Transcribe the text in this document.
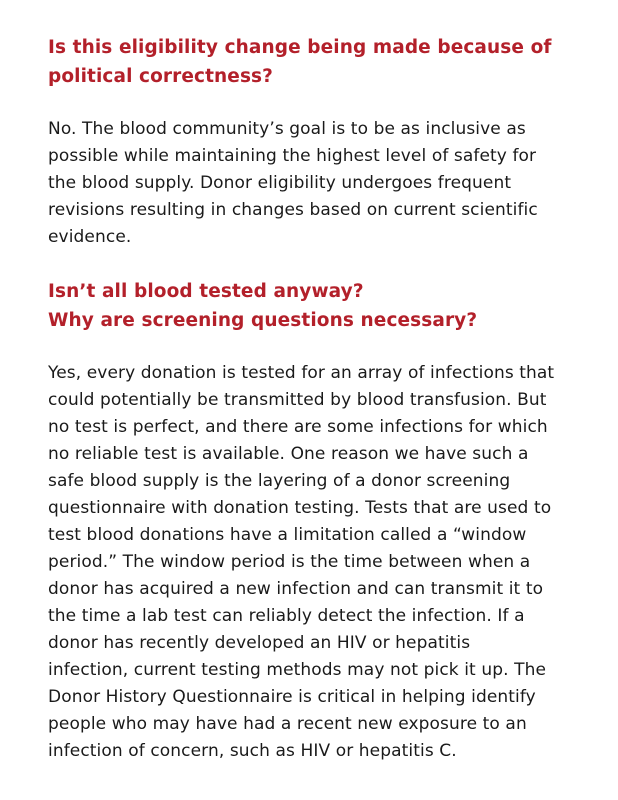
Is this eligibility change being made because of
political correctness?

No. The blood community’s goal is to be as inclusive as
possible while maintaining the highest level of safety for
the blood supply. Donor eligibility undergoes frequent
revisions resulting in changes based on current scientific
evidence.

Isn’t all blood tested anyway?
Why are screening questions necessary?

Yes, every donation is tested for an array of infections that
could potentially be transmitted by blood transfusion. But
no test is perfect, and there are some infections for which
no reliable test is available. One reason we have such a
safe blood supply is the layering of a donor screening
questionnaire with donation testing. Tests that are used to
test blood donations have a limitation called a “window
period.” The window period is the time between when a
donor has acquired a new infection and can transmit it to
the time a lab test can reliably detect the infection. If a
donor has recently developed an HIV or hepatitis
infection, current testing methods may not pick it up. The
Donor History Questionnaire is critical in helping identify
people who may have had a recent new exposure to an
infection of concern, such as HIV or hepatitis C.
